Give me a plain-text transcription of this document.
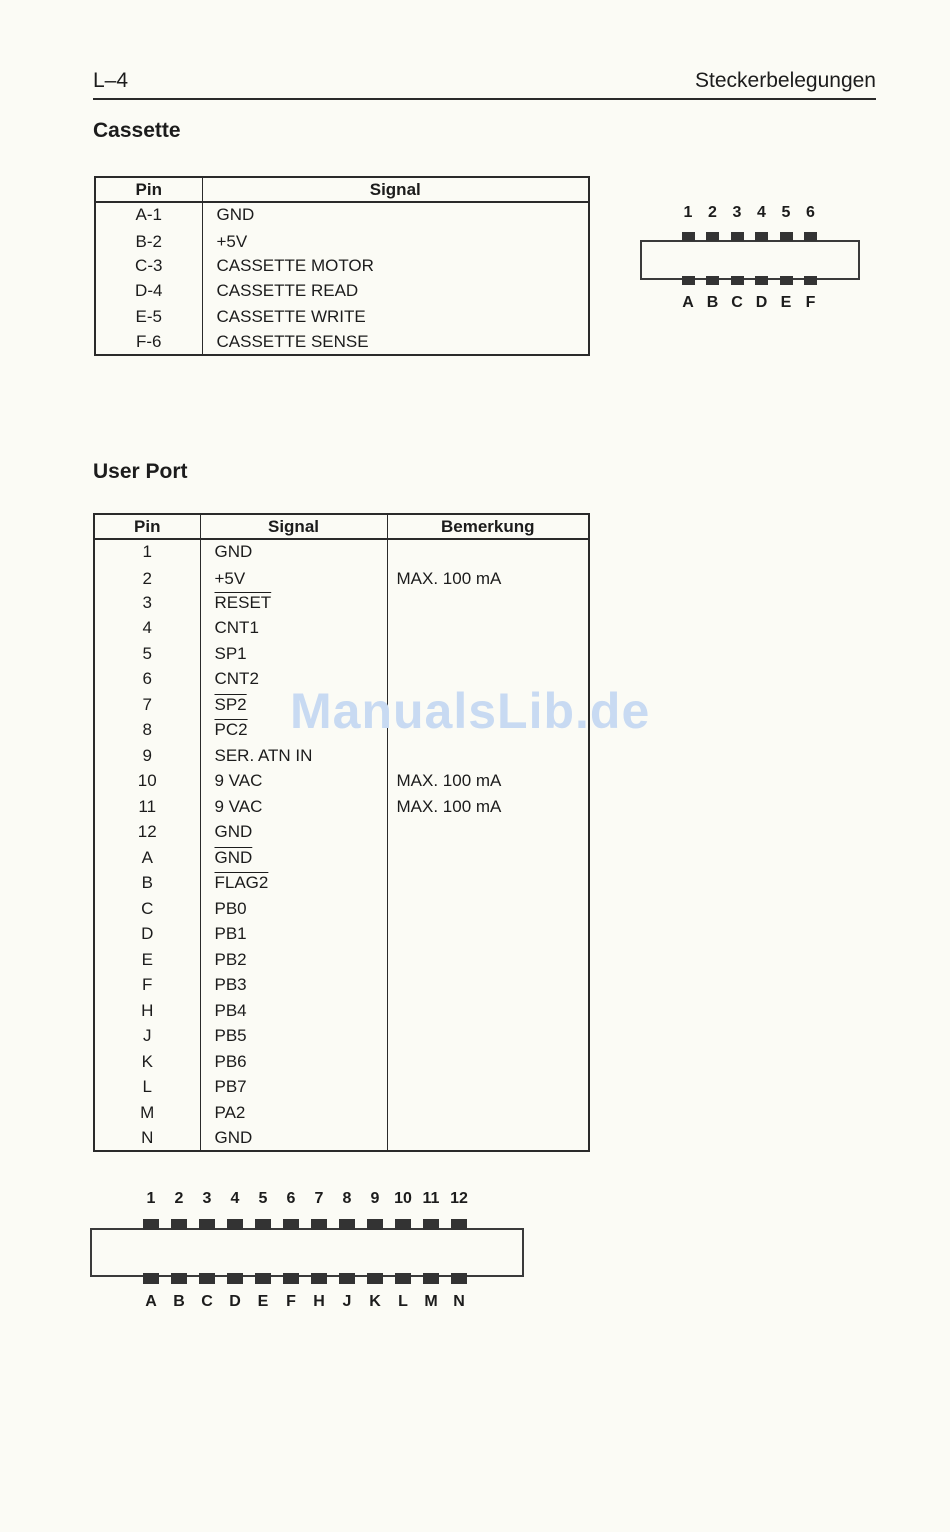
L–4	Steckerbelegungen
Cassette
Pin	Signal
A-1	GND
B-2	+5V
C-3	CASSETTE MOTOR
D-4	CASSETTE READ
E-5	CASSETTE WRITE
F-6	CASSETTE SENSE
1 2 3 4 5 6
A B C D E F
User Port
Pin	Signal	Bemerkung
1	GND	
2	+5V	MAX. 100 mA
3	RESET	
4	CNT1	
5	SP1	
6	CNT2	
7	SP2	
8	PC2	
9	SER. ATN IN	
10	9 VAC	MAX. 100 mA
11	9 VAC	MAX. 100 mA
12	GND	
A	$\overline{GND}$	
B	FLAG2	
C	PB0	
D	PB1	
E	PB2	
F	PB3	
H	PB4	
J	PB5	
K	PB6	
L	PB7	
M	PA2	
N	GND	
ManualsLib.de
1 2 3 4 5 6 7 8 9 10 11 12
A B C D E F H J K L M N
